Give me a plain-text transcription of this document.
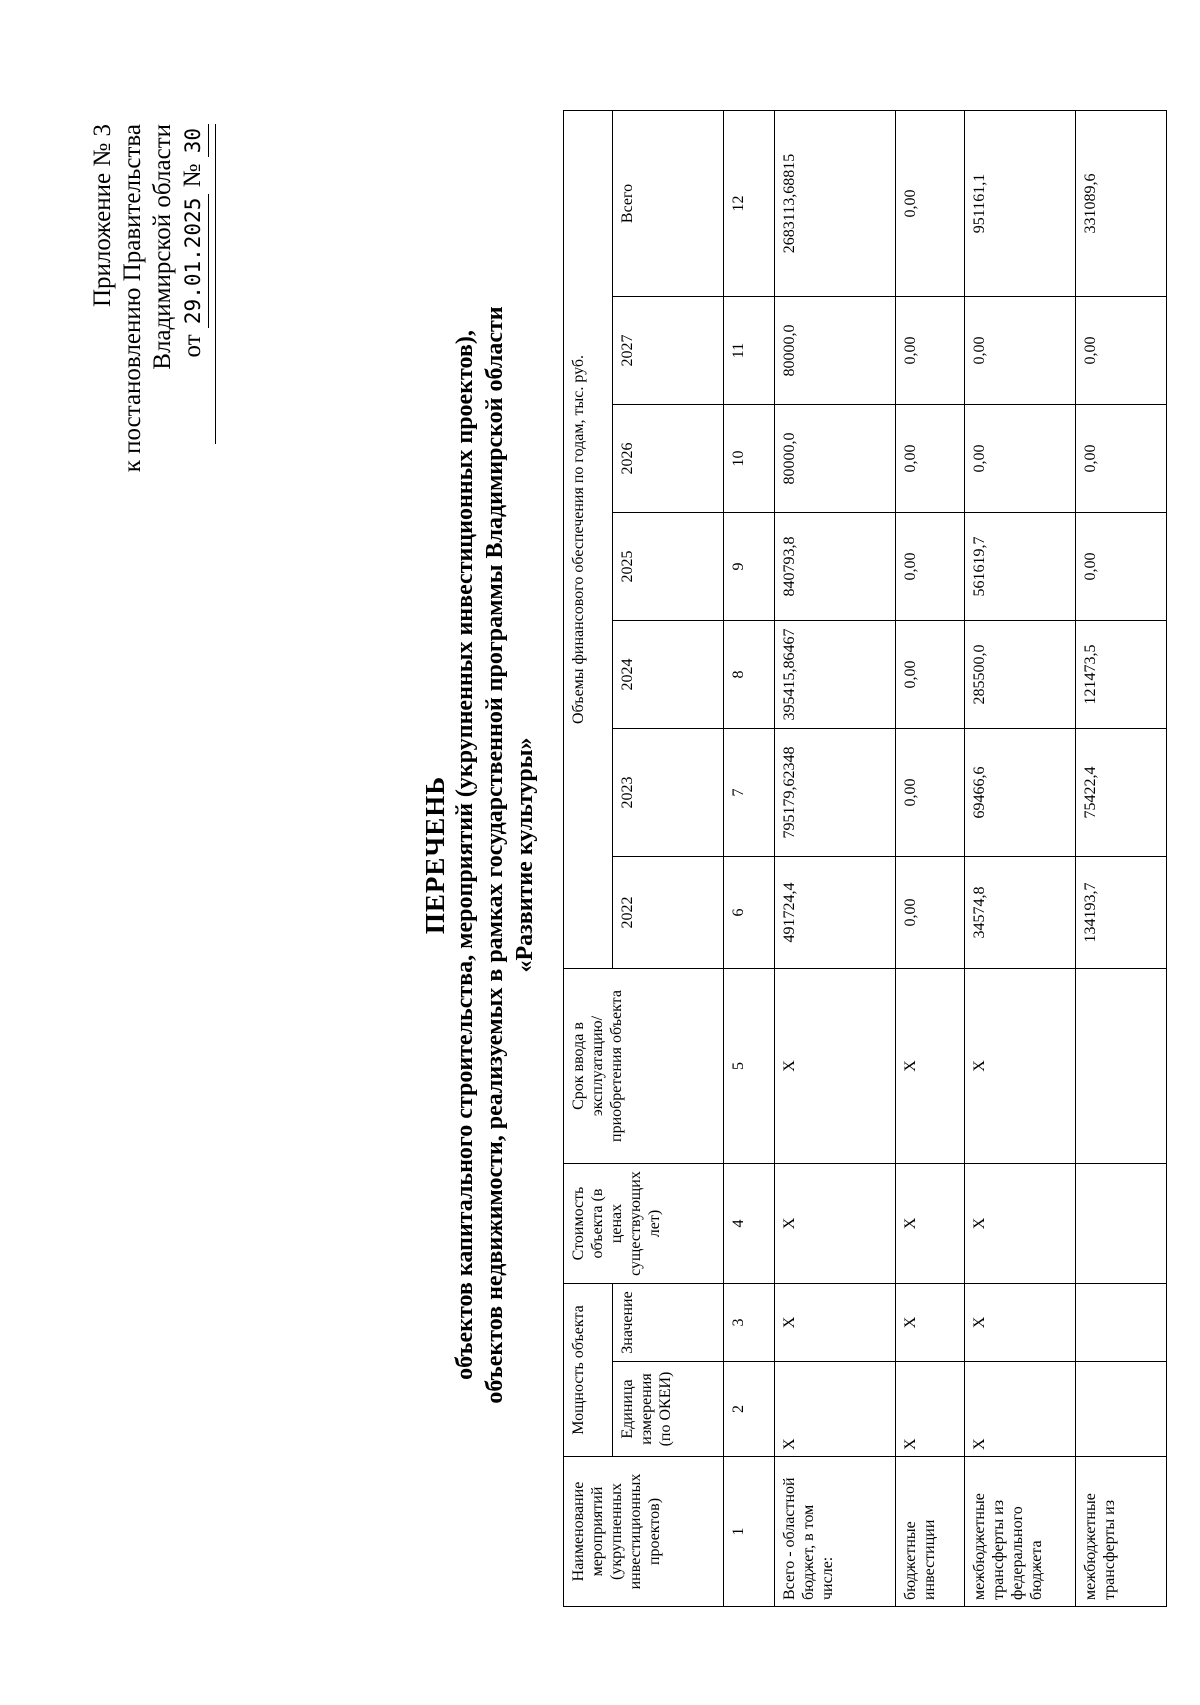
Приложение № 3 к постановлению Правительства Владимирской области от 29.01.2025 № 30
ПЕРЕЧЕНЬ объектов капитального строительства, мероприятий (укрупненных инвестиционных проектов), объектов недвижимости, реализуемых в рамках государственной программы Владимирской области «Развитие культуры»
Наименование мероприятий (укрупненных инвестиционных проектов)	Мощность объекта		Стоимость объекта (в ценах существующих лет)	Срок ввода в эксплуатацию/приобретения объекта	Объемы финансового обеспечения по годам, тыс. руб.						
	Единица измерения (по ОКЕИ)	Значение			2022	2023	2024	2025	2026	2027	Всего
1	2	3	4	5	6	7	8	9	10	11	12
Всего - областной бюджет, в том числе:	Х	Х	Х	Х	491724,4	795179,62348	395415,86467	840793,8	80000,0	80000,0	2683113,68815
бюджетные инвестиции	Х	Х	Х	Х	0,00	0,00	0,00	0,00	0,00	0,00	0,00
межбюджетные трансферты из федерального бюджета	Х	Х	Х	Х	34574,8	69466,6	285500,0	561619,7	0,00	0,00	951161,1
межбюджетные трансферты из					134193,7	75422,4	121473,5	0,00	0,00	0,00	331089,6
